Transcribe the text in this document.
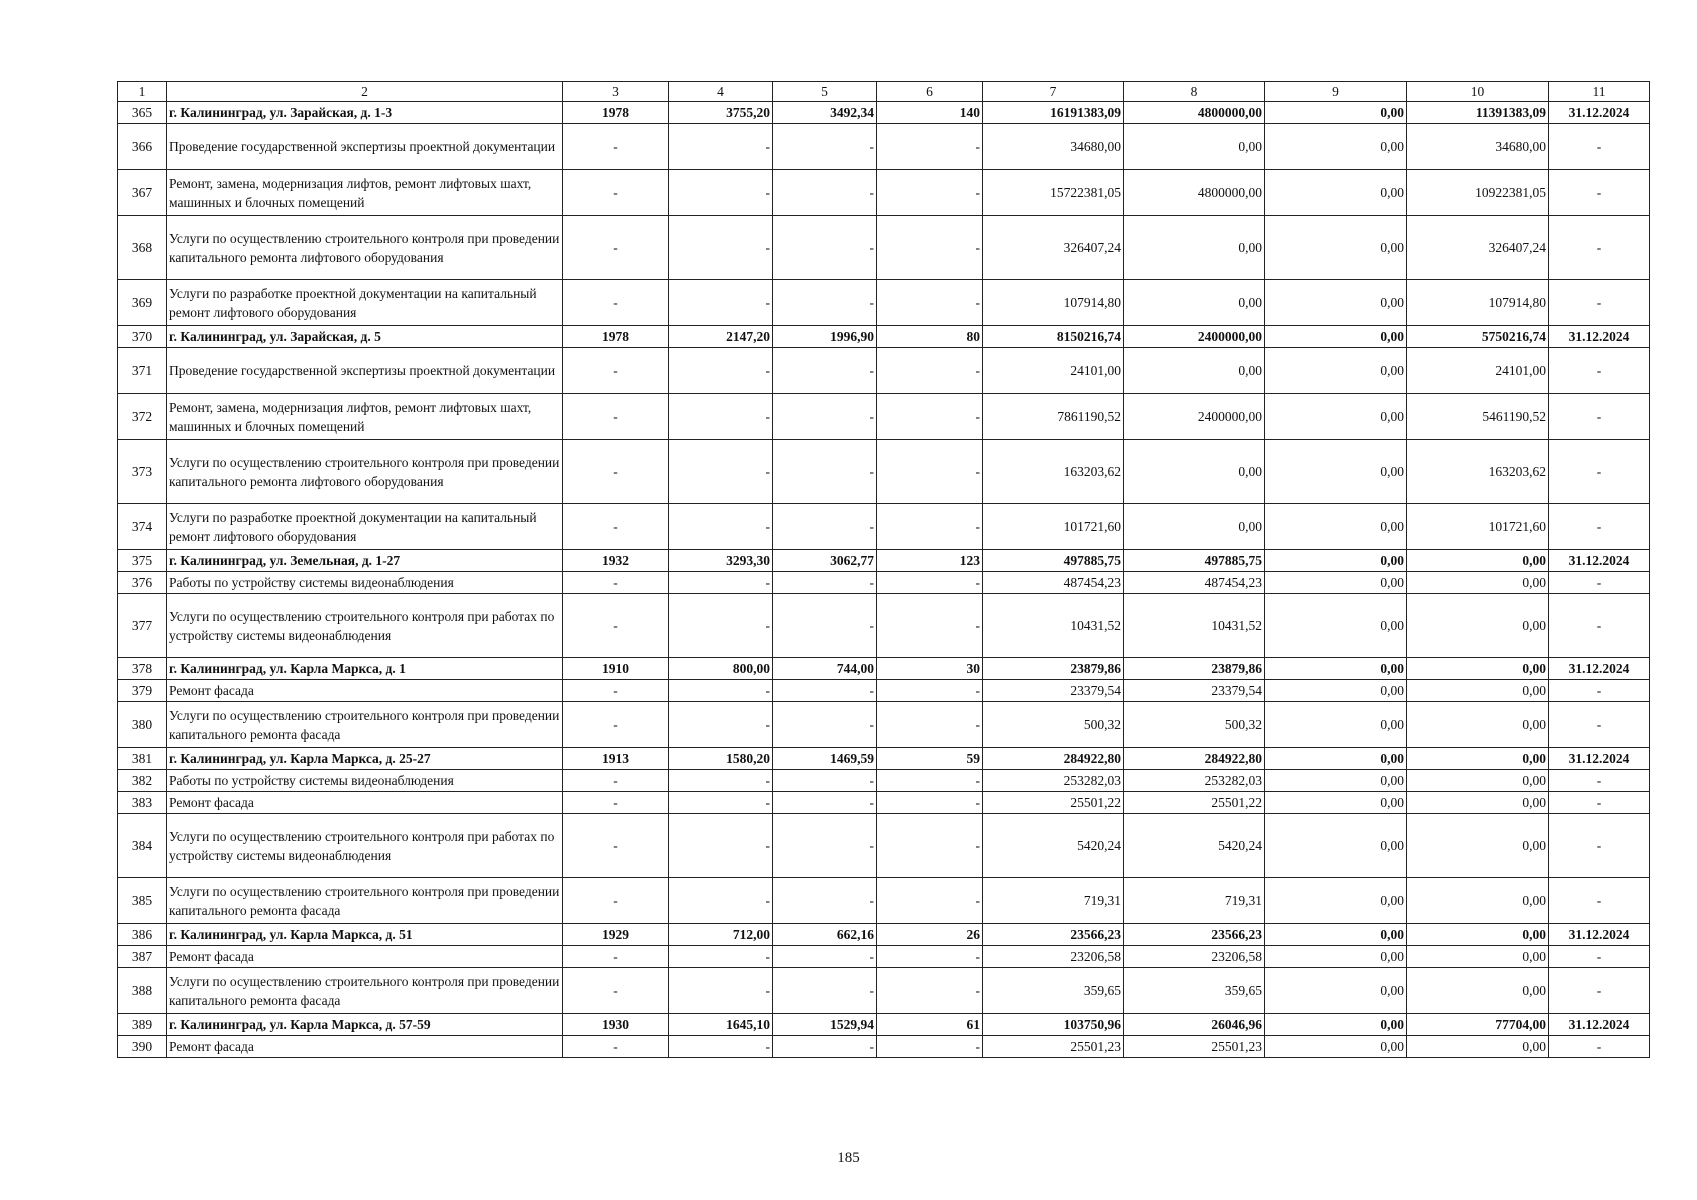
1	2	3	4	5	6	7	8	9	10	11
365	г. Калининград, ул. Зарайская, д. 1-3	1978	3755,20	3492,34	140	16191383,09	4800000,00	0,00	11391383,09	31.12.2024
366	Проведение государственной экспертизы проектной документации	-	-	-	-	34680,00	0,00	0,00	34680,00	-
367	Ремонт, замена, модернизация лифтов, ремонт лифтовых шахт, машинных и блочных помещений	-	-	-	-	15722381,05	4800000,00	0,00	10922381,05	-
368	Услуги по осуществлению строительного контроля при проведении капитального ремонта лифтового оборудования	-	-	-	-	326407,24	0,00	0,00	326407,24	-
369	Услуги по разработке проектной документации на капитальный ремонт лифтового оборудования	-	-	-	-	107914,80	0,00	0,00	107914,80	-
370	г. Калининград, ул. Зарайская, д. 5	1978	2147,20	1996,90	80	8150216,74	2400000,00	0,00	5750216,74	31.12.2024
371	Проведение государственной экспертизы проектной документации	-	-	-	-	24101,00	0,00	0,00	24101,00	-
372	Ремонт, замена, модернизация лифтов, ремонт лифтовых шахт, машинных и блочных помещений	-	-	-	-	7861190,52	2400000,00	0,00	5461190,52	-
373	Услуги по осуществлению строительного контроля при проведении капитального ремонта лифтового оборудования	-	-	-	-	163203,62	0,00	0,00	163203,62	-
374	Услуги по разработке проектной документации на капитальный ремонт лифтового оборудования	-	-	-	-	101721,60	0,00	0,00	101721,60	-
375	г. Калининград, ул. Земельная, д. 1-27	1932	3293,30	3062,77	123	497885,75	497885,75	0,00	0,00	31.12.2024
376	Работы по устройству системы видеонаблюдения	-	-	-	-	487454,23	487454,23	0,00	0,00	-
377	Услуги по осуществлению строительного контроля при работах по устройству системы видеонаблюдения	-	-	-	-	10431,52	10431,52	0,00	0,00	-
378	г. Калининград, ул. Карла Маркса, д. 1	1910	800,00	744,00	30	23879,86	23879,86	0,00	0,00	31.12.2024
379	Ремонт фасада	-	-	-	-	23379,54	23379,54	0,00	0,00	-
380	Услуги по осуществлению строительного контроля при проведении капитального ремонта фасада	-	-	-	-	500,32	500,32	0,00	0,00	-
381	г. Калининград, ул. Карла Маркса, д. 25-27	1913	1580,20	1469,59	59	284922,80	284922,80	0,00	0,00	31.12.2024
382	Работы по устройству системы видеонаблюдения	-	-	-	-	253282,03	253282,03	0,00	0,00	-
383	Ремонт фасада	-	-	-	-	25501,22	25501,22	0,00	0,00	-
384	Услуги по осуществлению строительного контроля при работах по устройству системы видеонаблюдения	-	-	-	-	5420,24	5420,24	0,00	0,00	-
385	Услуги по осуществлению строительного контроля при проведении капитального ремонта фасада	-	-	-	-	719,31	719,31	0,00	0,00	-
386	г. Калининград, ул. Карла Маркса, д. 51	1929	712,00	662,16	26	23566,23	23566,23	0,00	0,00	31.12.2024
387	Ремонт фасада	-	-	-	-	23206,58	23206,58	0,00	0,00	-
388	Услуги по осуществлению строительного контроля при проведении капитального ремонта фасада	-	-	-	-	359,65	359,65	0,00	0,00	-
389	г. Калининград, ул. Карла Маркса, д. 57-59	1930	1645,10	1529,94	61	103750,96	26046,96	0,00	77704,00	31.12.2024
390	Ремонт фасада	-	-	-	-	25501,23	25501,23	0,00	0,00	-
185
